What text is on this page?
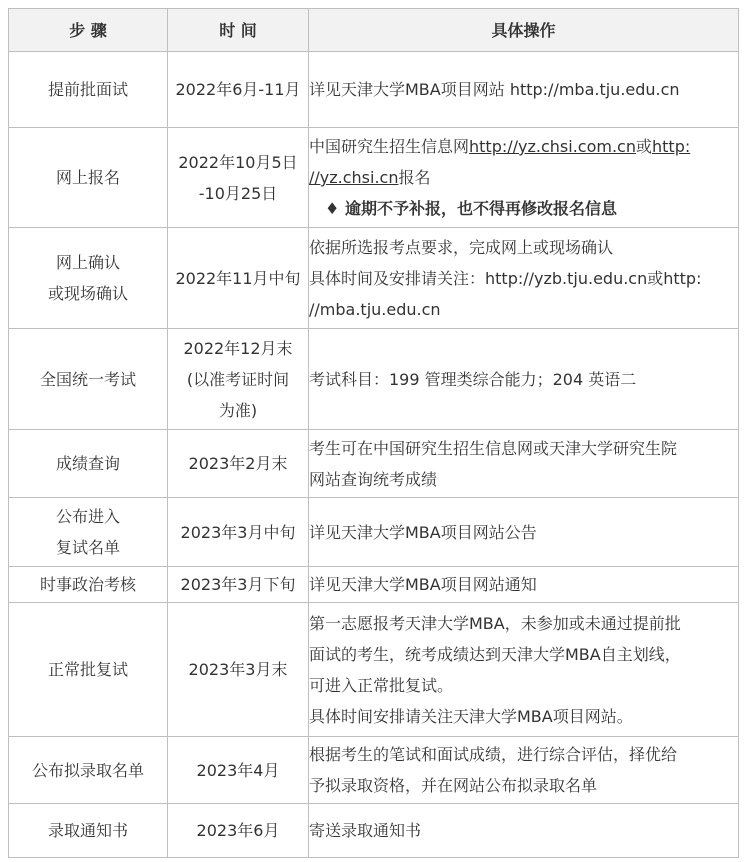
步 骤	时 间	具体操作

提前批面试	2022年6月-11月	详见天津大学MBA项目网站 http://mba.tju.edu.cn

网上报名	2022年10月5日
-10月25日	中国研究生招生信息网http://yz.chsi.com.cn或http:
//yz.chsi.cn报名
♦ 逾期不予补报，也不得再修改报名信息

网上确认
或现场确认	2022年11月中旬	依据所选报考点要求，完成网上或现场确认
具体时间及安排请关注：http://yzb.tju.edu.cn或http:
//mba.tju.edu.cn

全国统一考试	2022年12月末
(以准考证时间
为准)	考试科目：199 管理类综合能力；204 英语二

成绩查询	2023年2月末	考生可在中国研究生招生信息网或天津大学研究生院
网站查询统考成绩

公布进入
复试名单	2023年3月中旬	详见天津大学MBA项目网站公告

时事政治考核	2023年3月下旬	详见天津大学MBA项目网站通知

正常批复试	2023年3月末	第一志愿报考天津大学MBA，未参加或未通过提前批
面试的考生，统考成绩达到天津大学MBA自主划线，
可进入正常批复试。
具体时间安排请关注天津大学MBA项目网站。

公布拟录取名单	2023年4月	根据考生的笔试和面试成绩，进行综合评估，择优给
予拟录取资格，并在网站公布拟录取名单

录取通知书	2023年6月	寄送录取通知书
